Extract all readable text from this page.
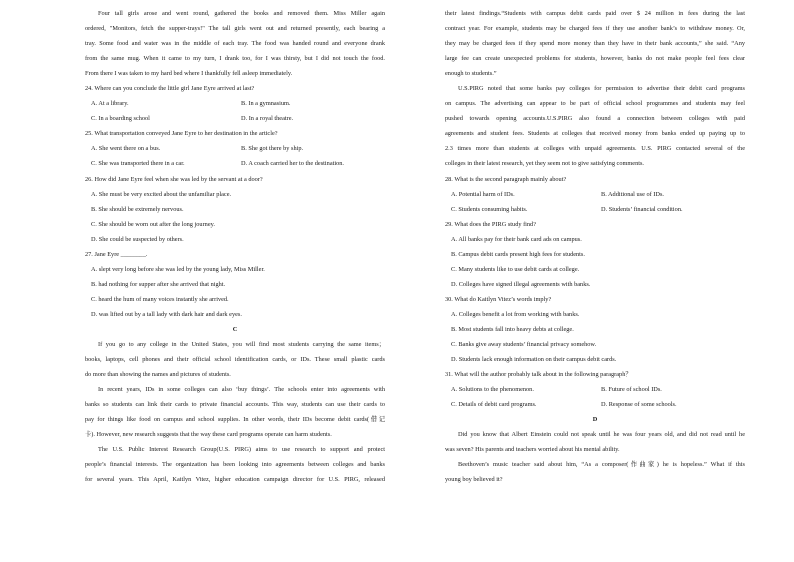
Four tall girls arose and went round, gathered the books and removed them. Miss Miller again
ordered, "Monitors, fetch the supper-trays!" The tall girls went out and returned presently, each bearing a
tray. Some food and water was in the middle of each tray. The food was handed round and everyone drank
from the same mug. When it came to my turn, I drank too, for I was thirsty, but I did not touch the food.
From there I was taken to my hard bed where I thankfully fell asleep immediately.
24. Where can you conclude the little girl Jane Eyre arrived at last?
A. At a library.	B. In a gymnasium.
C. In a boarding school	D. In a royal theatre.
25. What transportation conveyed Jane Eyre to her destination in the article?
A. She went there on a bus.	B. She got there by ship.
C. She was transported there in a car.	D. A coach carried her to the destination.
26. How did Jane Eyre feel when she was led by the servant at a door?
A. She must be very excited about the unfamiliar place.
B. She should be extremely nervous.
C. She should be worn out after the long journey.
D. She could be suspected by others.
27. Jane Eyre ________.
A. slept very long before she was led by the young lady, Miss Miller.
B. had nothing for supper after she arrived that night.
C. heard the hum of many voices instantly she arrived.
D. was lifted out by a tall lady with dark hair and dark eyes.
C
If you go to any college in the United States, you will find most students carrying the same items；
books, laptops, cell phones and their official school identification cards, or IDs. These small plastic cards
do more than showing the names and pictures of students.
In recent years, IDs in some colleges can also ‘buy things’. The schools enter into agreements with
banks so students can link their cards to private financial accounts. This way, students can use their cards to
pay for things like food on campus and school supplies. In other words, their IDs become debit cards(借记
卡). However, new research suggests that the way these card programs operate can harm students.
The U.S. Public Interest Research Group(U.S. PIRG) aims to use research to support and protect
people’s financial interests. The organization has been looking into agreements between colleges and banks
for several years. This April, Kaitlyn Vitez, higher education campaign director for U.S. PIRG, released
their latest findings.“Students with campus debit cards paid over $ 24 million in fees during the last
contract year. For example, students may be charged fees if they use another bank’s to withdraw money. Or,
they may be charged fees if they spend more money than they have in their bank accounts,” she said. “Any
large fee can create unexpected problems for students, however, banks do not make people feel fees clear
enough to students.”
U.S.PIRG noted that some banks pay colleges for permission to advertise their debit card programs
on campus. The advertising can appear to be part of official school programmes and students may feel
pushed towards opening accounts.U.S.PIRG also found a connection between colleges with paid
agreements and student fees. Students at colleges that received money from banks ended up paying up to
2.3 times more than students at colleges with unpaid agreements. U.S. PIRG contacted several of the
colleges in their latest research, yet they seem not to give satisfying comments.
28. What is the second paragraph mainly about?
A. Potential harm of IDs.	B. Additional use of IDs.
C. Students consuming habits.	D. Students’ financial condition.
29. What does the PIRG study find?
A. All banks pay for their bank card ads on campus.
B. Campus debit cards present high fees for students.
C. Many students like to use debit cards at college.
D. Colleges have signed illegal agreements with banks.
30. What do Kaitlyn Vitez’s words imply?
A. Colleges benefit a lot from working with banks.
B. Most students fall into heavy debts at college.
C. Banks give away students’ financial privacy somehow.
D. Students lack enough information on their campus debit cards.
31. What will the author probably talk about in the following paragraph？
A. Solutions to the phenomenon.	B. Future of school IDs.
C. Details of debit card programs.	D. Response of some schools.
D
Did you know that Albert Einstein could not speak until he was four years old, and did not read until he
was seven? His parents and teachers worried about his mental ability.
Beethoven’s music teacher said about him, “As a composer(作曲家) he is hopeless.” What if this
young boy believed it?
